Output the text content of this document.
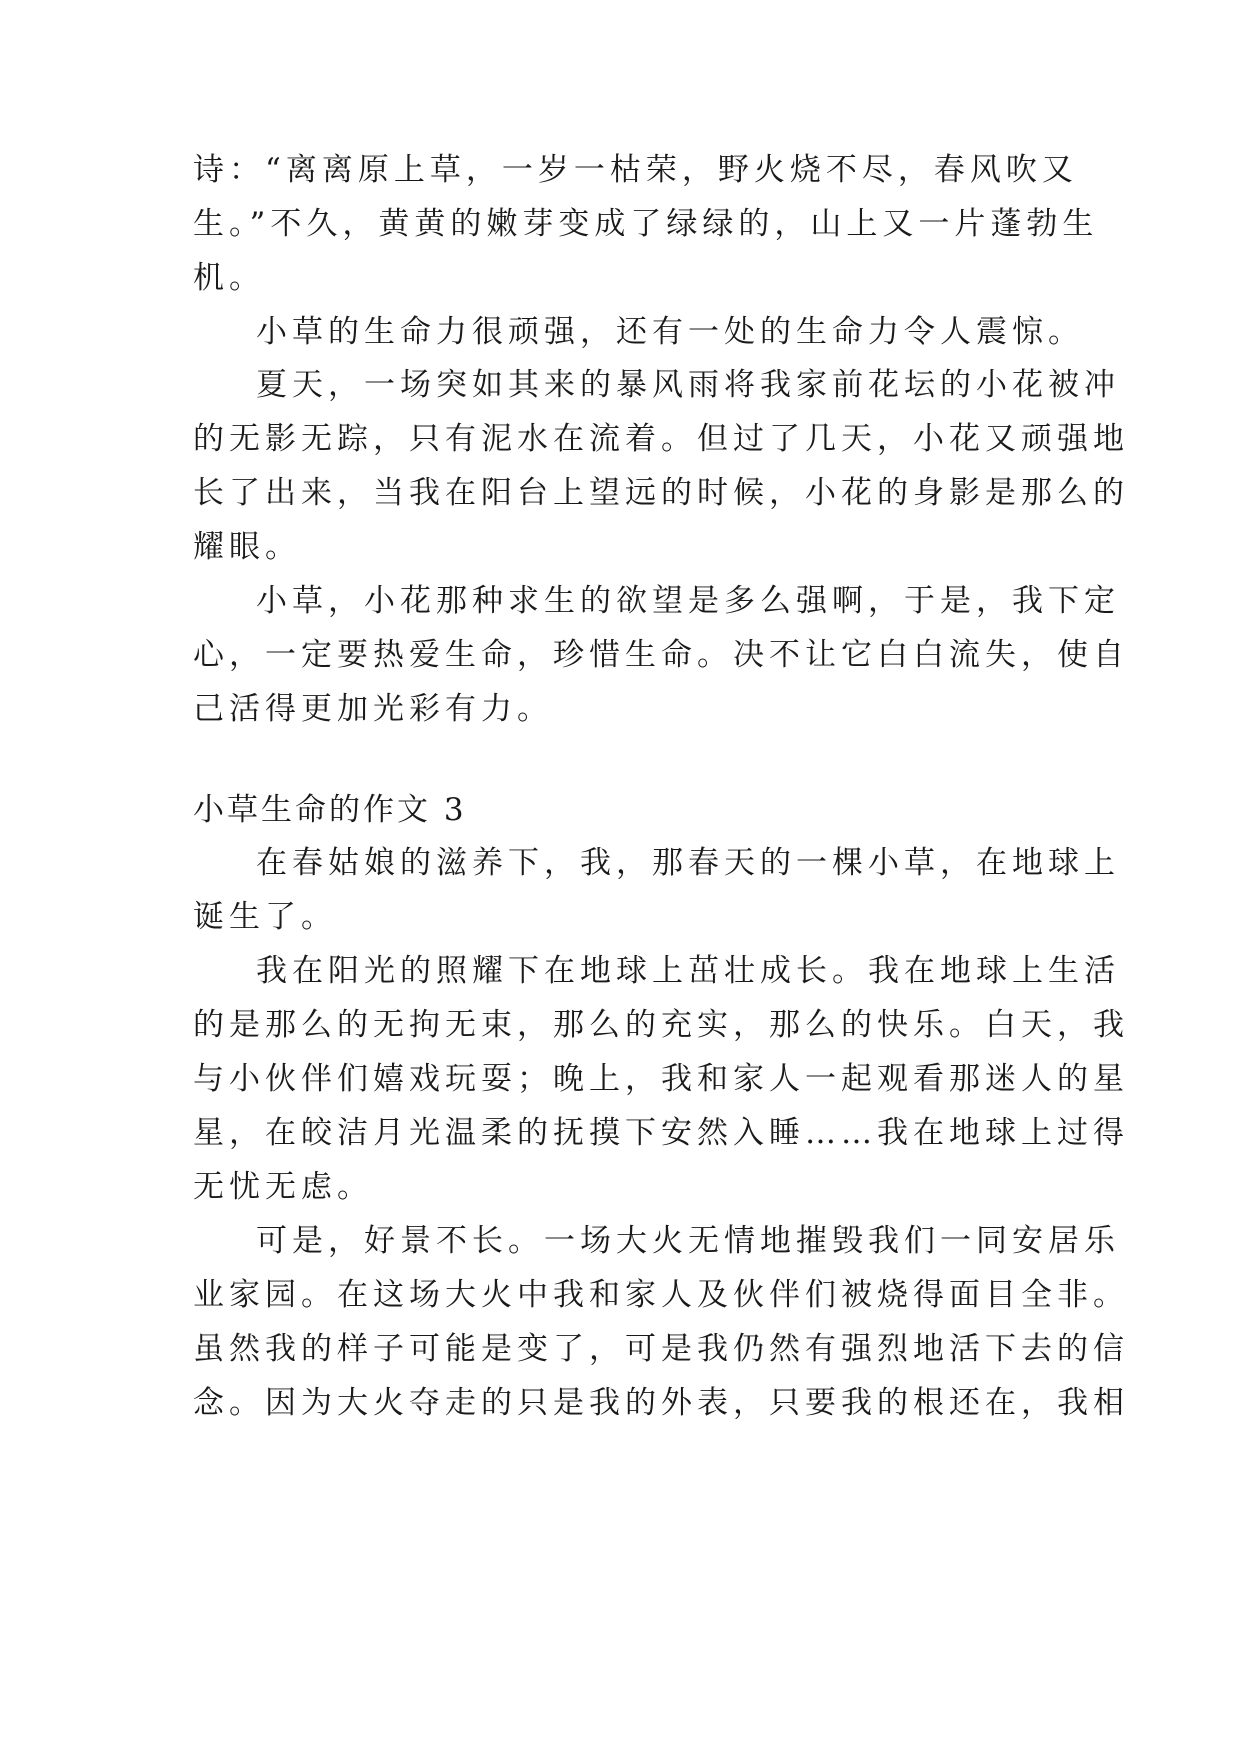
诗：“离离原上草，一岁一枯荣，野火烧不尽，春风吹又

生。”不久，黄黄的嫩芽变成了绿绿的，山上又一片蓬勃生

机。

小草的生命力很顽强，还有一处的生命力令人震惊。

夏天，一场突如其来的暴风雨将我家前花坛的小花被冲

的无影无踪，只有泥水在流着。但过了几天，小花又顽强地

长了出来，当我在阳台上望远的时候，小花的身影是那么的

耀眼。

小草，小花那种求生的欲望是多么强啊，于是，我下定

心，一定要热爱生命，珍惜生命。决不让它白白流失，使自

己活得更加光彩有力。

小草生命的作文 3

在春姑娘的滋养下，我，那春天的一棵小草，在地球上

诞生了。

我在阳光的照耀下在地球上茁壮成长。我在地球上生活

的是那么的无拘无束，那么的充实，那么的快乐。白天，我

与小伙伴们嬉戏玩耍；晚上，我和家人一起观看那迷人的星

星，在皎洁月光温柔的抚摸下安然入睡……我在地球上过得

无忧无虑。

可是，好景不长。一场大火无情地摧毁我们一同安居乐

业家园。在这场大火中我和家人及伙伴们被烧得面目全非。

虽然我的样子可能是变了，可是我仍然有强烈地活下去的信

念。因为大火夺走的只是我的外表，只要我的根还在，我相
